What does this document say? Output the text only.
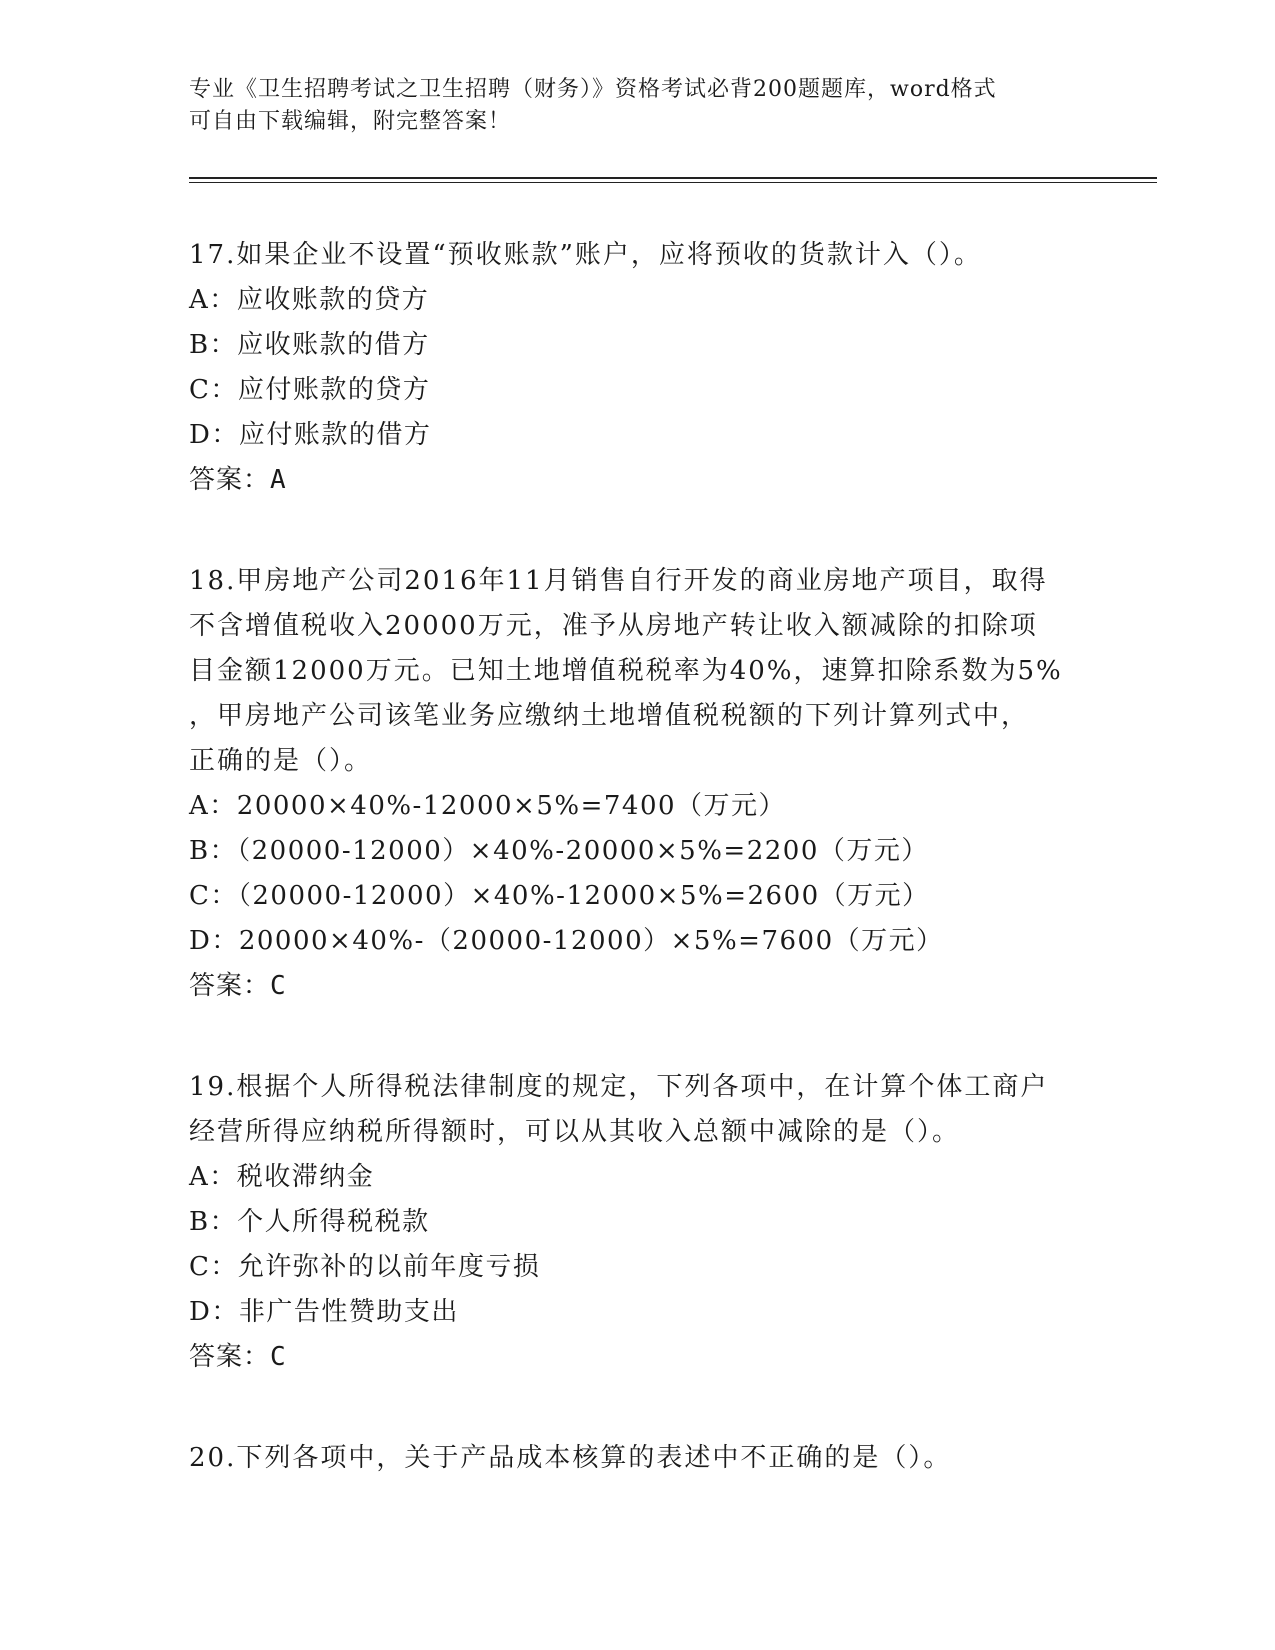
专业《卫生招聘考试之卫生招聘（财务）》资格考试必背200题题库，word格式
可自由下载编辑，附完整答案！

17.如果企业不设置“预收账款”账户，应将预收的货款计入（）。

A：应收账款的贷方

B：应收账款的借方

C：应付账款的贷方

D：应付账款的借方

答案：A

18.甲房地产公司2016年11月销售自行开发的商业房地产项目，取得

不含增值税收入20000万元，准予从房地产转让收入额减除的扣除项

目金额12000万元。已知土地增值税税率为40%，速算扣除系数为5%

，甲房地产公司该笔业务应缴纳土地增值税税额的下列计算列式中，

正确的是（）。

A：20000×40%-12000×5%=7400（万元）

B：（20000-12000）×40%-20000×5%=2200（万元）

C：（20000-12000）×40%-12000×5%=2600（万元）

D：20000×40%-（20000-12000）×5%=7600（万元）

答案：C

19.根据个人所得税法律制度的规定，下列各项中，在计算个体工商户

经营所得应纳税所得额时，可以从其收入总额中减除的是（）。

A：税收滞纳金

B：个人所得税税款

C：允许弥补的以前年度亏损

D：非广告性赞助支出

答案：C

20.下列各项中，关于产品成本核算的表述中不正确的是（）。
